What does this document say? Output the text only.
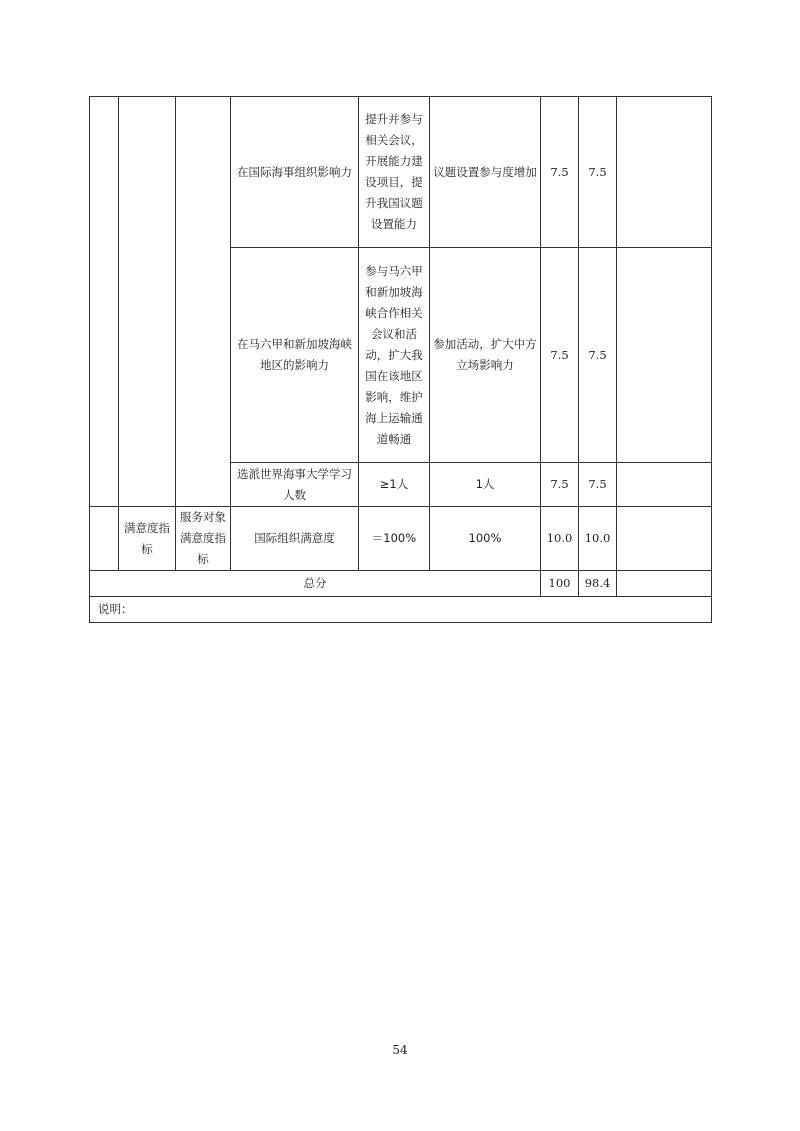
			在国际海事组织影响力	提升并参与相关会议，开展能力建设项目，提升我国议题设置能力	议题设置参与度增加	7.5	7.5	
			在马六甲和新加坡海峡地区的影响力	参与马六甲和新加坡海峡合作相关会议和活动，扩大我国在该地区影响，维护海上运输通道畅通	参加活动，扩大中方立场影响力	7.5	7.5	
			选派世界海事大学学习人数	≥1人	1人	7.5	7.5	
	满意度指标	服务对象满意度指标	国际组织满意度	＝100%	100%	10.0	10.0	
总分						100	98.4	
说明：								
54
